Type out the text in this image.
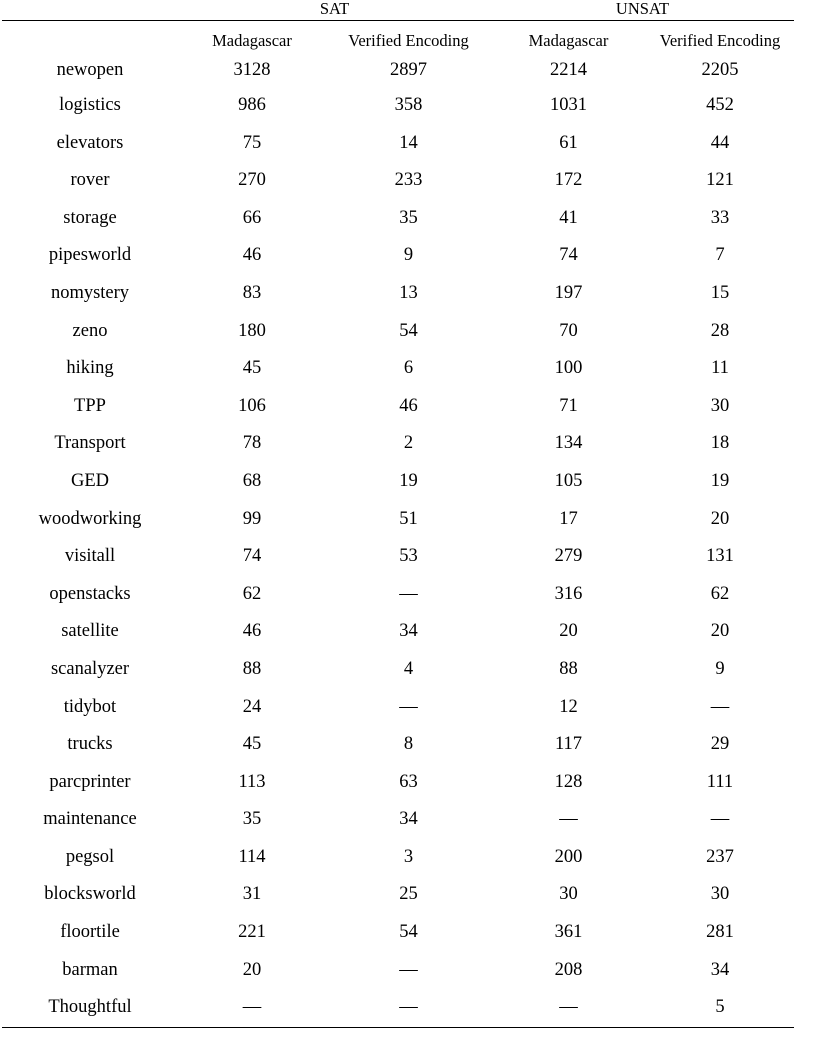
	SAT		UNSAT	

	Madagascar	Verified Encoding	Madagascar	Verified Encoding
newopen	3128	2897	2214	2205
logistics	986	358	1031	452
elevators	75	14	61	44
rover	270	233	172	121
storage	66	35	41	33
pipesworld	46	9	74	7
nomystery	83	13	197	15
zeno	180	54	70	28
hiking	45	6	100	11
TPP	106	46	71	30
Transport	78	2	134	18
GED	68	19	105	19
woodworking	99	51	17	20
visitall	74	53	279	131
openstacks	62	—	316	62
satellite	46	34	20	20
scanalyzer	88	4	88	9
tidybot	24	—	12	—
trucks	45	8	117	29
parcprinter	113	63	128	111
maintenance	35	34	—	—
pegsol	114	3	200	237
blocksworld	31	25	30	30
floortile	221	54	361	281
barman	20	—	208	34
Thoughtful	—	—	—	5
